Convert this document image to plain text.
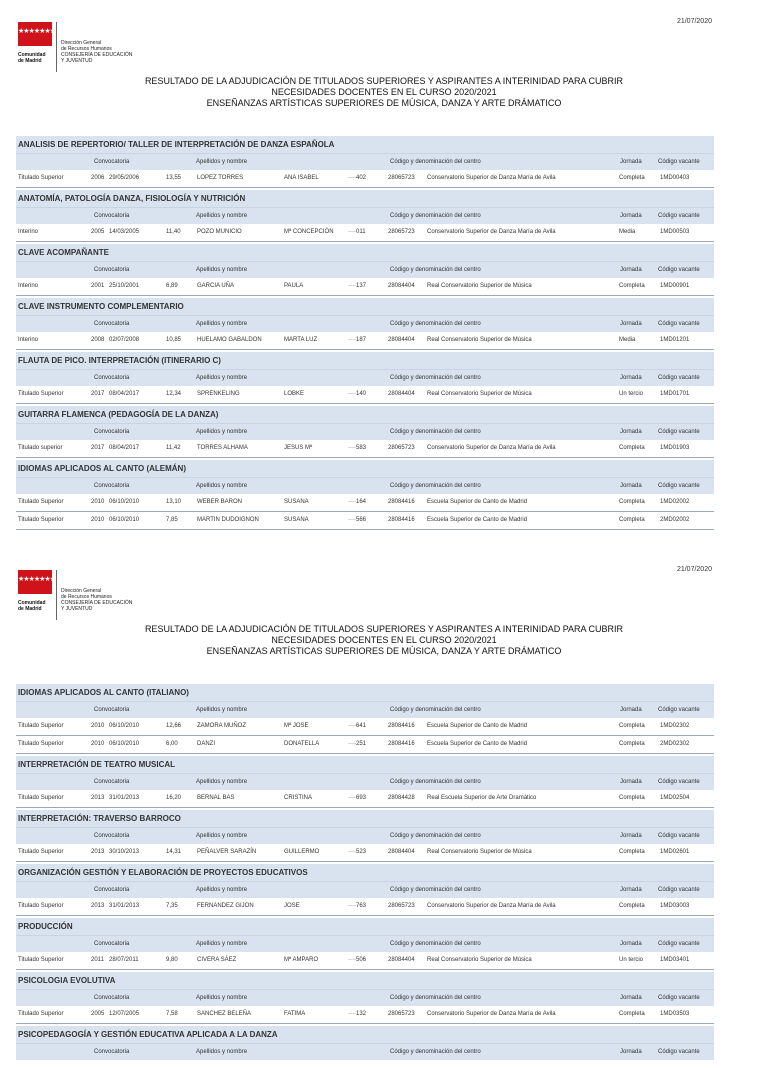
21/07/2020
★★★★★★★
Comunidad
de Madrid
Dirección General
de Recursos Humanos
CONSEJERÍA DE EDUCACIÓN
Y JUVENTUD
RESULTADO DE LA ADJUDICACIÓN DE TITULADOS SUPERIORES Y ASPIRANTES A INTERINIDAD PARA CUBRIR
NECESIDADES DOCENTES EN EL CURSO 2020/2021
ENSEÑANZAS ARTÍSTICAS SUPERIORES DE MÚSICA, DANZA Y ARTE DRÁMATICO
ANALISIS DE REPERTORIO/ TALLER DE INTERPRETACIÓN DE DANZA ESPAÑOLA
Convocatoria	Apellidos y nombre	Código y denominación del centro	Jornada	Código vacante
Titulado Superior	2006 29/05/2006	13,55	LOPEZ TORRES	ANA ISABEL	····402	28065723 Conservatorio Superior de Danza María de Avila	Completa	1MD00403
ANATOMÍA, PATOLOGÍA DANZA, FISIOLOGÍA Y NUTRICIÓN
Convocatoria	Apellidos y nombre	Código y denominación del centro	Jornada	Código vacante
Interino	2005 14/03/2005	11,40	POZO MUNICIO	Mª CONCEPCIÓN ····011	28065723 Conservatorio Superior de Danza María de Avila	Media	1MD00503
CLAVE ACOMPAÑANTE
Convocatoria	Apellidos y nombre	Código y denominación del centro	Jornada	Código vacante
Interino	2001 25/10/2001	6,89	GARCIA UÑA	PAULA	····137	28084404 Real Conservatorio Superior de Música	Completa	1MD00901
CLAVE INSTRUMENTO COMPLEMENTARIO
Convocatoria	Apellidos y nombre	Código y denominación del centro	Jornada	Código vacante
Interino	2008 02/07/2008	10,85	HUELAMO GABALDON	MARTA LUZ	····187	28084404 Real Conservatorio Superior de Música	Media	1MD01201
FLAUTA DE PICO. INTERPRETACIÓN (ITINERARIO C)
Convocatoria	Apellidos y nombre	Código y denominación del centro	Jornada	Código vacante
Titulado Superior	2017 08/04/2017	12,34	SPRENKELING	LOBKE	····140	28084404 Real Conservatorio Superior de Música	Un tercio	1MD01701
GUITARRA FLAMENCA (PEDAGOGÍA DE LA DANZA)
Convocatoria	Apellidos y nombre	Código y denominación del centro	Jornada	Código vacante
Titulado superior	2017 08/04/2017	11,42	TORRES ALHAMA	JESUS Mª	····583	28065723 Conservatorio Superior de Danza María de Avila	Completa	1MD01903
IDIOMAS APLICADOS AL CANTO (ALEMÁN)
Convocatoria	Apellidos y nombre	Código y denominación del centro	Jornada	Código vacante
Titulado Superior	2010 06/10/2010	13,10	WEBER BARON	SUSANA	····164	28084416 Escuela Superior de Canto de Madrid	Completa	1MD02002
Titulado Superior	2010 06/10/2010	7,85	MARTIN DUDOIGNON	SUSANA	····566	28084416 Escuela Superior de Canto de Madrid	Completa	2MD02002
21/07/2020
★★★★★★★
Comunidad
de Madrid
Dirección General
de Recursos Humanos
CONSEJERÍA DE EDUCACIÓN
Y JUVENTUD
RESULTADO DE LA ADJUDICACIÓN DE TITULADOS SUPERIORES Y ASPIRANTES A INTERINIDAD PARA CUBRIR
NECESIDADES DOCENTES EN EL CURSO 2020/2021
ENSEÑANZAS ARTÍSTICAS SUPERIORES DE MÚSICA, DANZA Y ARTE DRÁMATICO
IDIOMAS APLICADOS AL CANTO (ITALIANO)
Convocatoria	Apellidos y nombre	Código y denominación del centro	Jornada	Código vacante
Titulado Superior	2010 06/10/2010	12,66	ZAMORA MUÑOZ	Mª JOSE	····641	28084416 Escuela Superior de Canto de Madrid	Completa	1MD02302
Titulado Superior	2010 06/10/2010	6,00	DANZI	DONATELLA	····251	28084416 Escuela Superior de Canto de Madrid	Completa	2MD02302
INTERPRETACIÓN DE TEATRO MUSICAL
Convocatoria	Apellidos y nombre	Código y denominación del centro	Jornada	Código vacante
Titulado Superior	2013 31/01/2013	16,20	BERNAL BAS	CRISTINA	····693	28084428 Real Escuela Superior de Arte Dramático	Completa	1MD02504
INTERPRETACIÓN: TRAVERSO BARROCO
Convocatoria	Apellidos y nombre	Código y denominación del centro	Jornada	Código vacante
Titulado Superior	2013 30/10/2013	14,31	PEÑALVER SARAZÍN	GUILLERMO	····523	28084404 Real Conservatorio Superior de Música	Completa	1MD02601
ORGANIZACIÓN GESTIÓN Y ELABORACIÓN DE PROYECTOS EDUCATIVOS
Convocatoria	Apellidos y nombre	Código y denominación del centro	Jornada	Código vacante
Titulado Superior	2013 31/01/2013	7,35	FERNANDEZ GIJON	JOSE	····763	28065723 Conservatorio Superior de Danza María de Avila	Completa	1MD03003
PRODUCCIÓN
Convocatoria	Apellidos y nombre	Código y denominación del centro	Jornada	Código vacante
Titulado Superior	2011 28/07/2011	9,80	CIVERA SÁEZ	Mª AMPARO	····506	28084404 Real Conservatorio Superior de Música	Un tercio	1MD03401
PSICOLOGIA EVOLUTIVA
Convocatoria	Apellidos y nombre	Código y denominación del centro	Jornada	Código vacante
Titulado Superior	2005 12/07/2005	7,58	SANCHEZ BELEÑA	FATIMA	····132	28065723 Conservatorio Superior de Danza María de Avila	Completa	1MD03503
PSICOPEDAGOGÍA Y GESTIÓN EDUCATIVA APLICADA A LA DANZA
Convocatoria	Apellidos y nombre	Código y denominación del centro	Jornada	Código vacante
